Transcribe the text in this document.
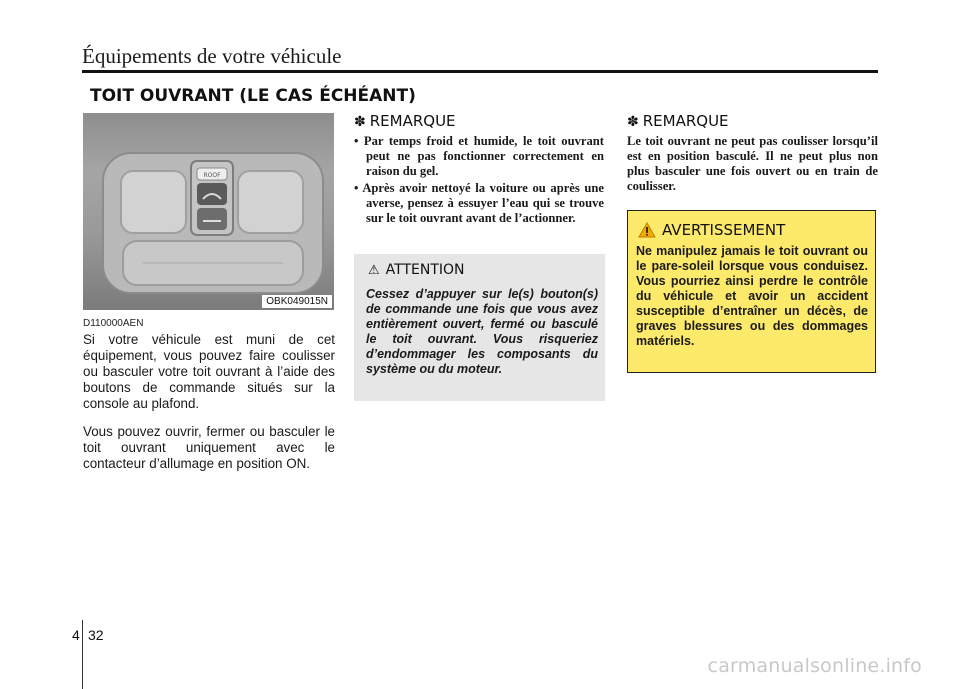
Équipements de votre véhicule
TOIT OUVRANT (LE CAS ÉCHÉANT)
ROOF
OBK049015N
D110000AEN

Si votre véhicule est muni de cet équipement, vous pouvez faire coulisser ou basculer votre toit ouvrant à l’aide des boutons de commande situés sur la console au plafond.

Vous pouvez ouvrir, fermer ou basculer le toit ouvrant uniquement avec le contacteur d’allumage en position ON.

✽ REMARQUE
• Par temps froid et humide, le toit ouvrant peut ne pas fonctionner correctement en raison du gel.
• Après avoir nettoyé la voiture ou après une averse, pensez à essuyer l’eau qui se trouve sur le toit ouvrant avant de l’actionner.
⚠ ATTENTION

Cessez d’appuyer sur le(s) bouton(s) de commande une fois que vous avez entièrement ouvert, fermé ou basculé le toit ouvrant. Vous risqueriez d’endommager les composants du système ou du moteur.

✽ REMARQUE

Le toit ouvrant ne peut pas coulisser lorsqu’il est en position basculé. Il ne peut plus non plus basculer une fois ouvert ou en train de coulisser.

AVERTISSEMENT

Ne manipulez jamais le toit ouvrant ou le pare-soleil lorsque vous conduisez. Vous pourriez ainsi perdre le contrôle du véhicule et avoir un accident susceptible d’entraîner un décès, de graves blessures ou des dommages matériels.

4 32
carmanualsonline.info
